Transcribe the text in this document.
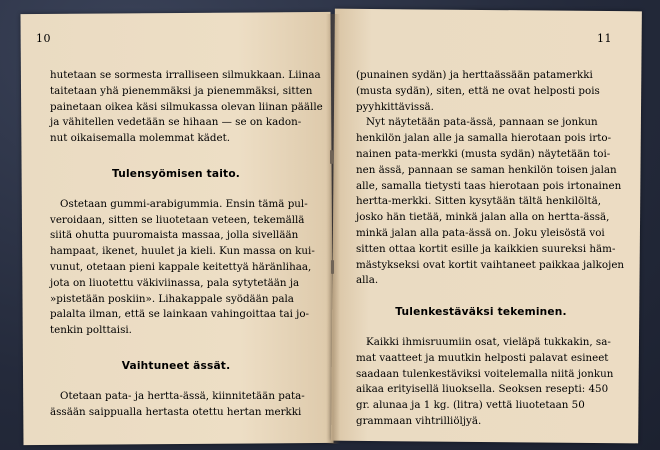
10	11

hutetaan se sormesta irralliseen silmukkaan. Liinaa
taitetaan yhä pienemmäksi ja pienemmäksi, sitten
painetaan oikea käsi silmukassa olevan liinan päälle
ja vähitellen vedetään se hihaan — se on kadon-
nut oikaisemalla molemmat kädet.

Tulensyömisen taito.

Ostetaan gummi-arabigummia. Ensin tämä pul-
veroidaan, sitten se liuotetaan veteen, tekemällä
siitä ohutta puuromaista massaa, jolla sivellään
hampaat, ikenet, huulet ja kieli. Kun massa on kui-
vunut, otetaan pieni kappale keitettyä häränlihaa,
jota on liuotettu väkiviinassa, pala sytytetään ja
»pistetään poskiin». Lihakappale syödään pala
palalta ilman, että se lainkaan vahingoittaa tai jo-
tenkin polttaisi.

Vaihtuneet ässät.

Otetaan pata- ja hertta-ässä, kiinnitetään pata-
ässään saippualla hertasta otettu hertan merkki

(punainen sydän) ja herttaässään patamerkki
(musta sydän), siten, että ne ovat helposti pois
pyyhkittävissä.

Nyt näytetään pata-ässä, pannaan se jonkun
henkilön jalan alle ja samalla hierotaan pois irto-
nainen pata-merkki (musta sydän) näytetään toi-
nen ässä, pannaan se saman henkilön toisen jalan
alle, samalla tietysti taas hierotaan pois irtonainen
hertta-merkki. Sitten kysytään tältä henkilöltä,
josko hän tietää, minkä jalan alla on hertta-ässä,
minkä jalan alla pata-ässä on. Joku yleisöstä voi
sitten ottaa kortit esille ja kaikkien suureksi häm-
mästykseksi ovat kortit vaihtaneet paikkaa jalkojen
alla.

Tulenkestäväksi tekeminen.

Kaikki ihmisruumiin osat, vieläpä tukkakin, sa-
mat vaatteet ja muutkin helposti palavat esineet
saadaan tulenkestäviksi voitelemalla niitä jonkun
aikaa erityisellä liuoksella. Seoksen resepti: 450
gr. alunaa ja 1 kg. (litra) vettä liuotetaan 50
grammaan vihtrilliöljyä.
